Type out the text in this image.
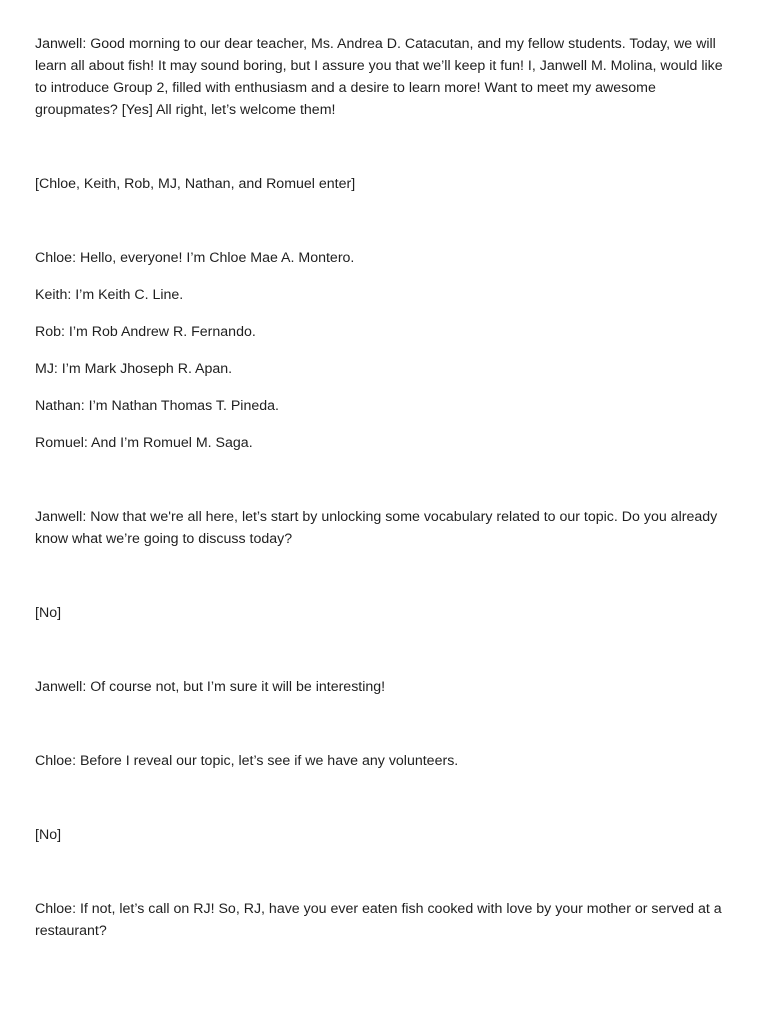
Janwell: Good morning to our dear teacher, Ms. Andrea D. Catacutan, and my fellow students. Today, we will learn all about fish! It may sound boring, but I assure you that we’ll keep it fun! I, Janwell M. Molina, would like to introduce Group 2, filled with enthusiasm and a desire to learn more! Want to meet my awesome groupmates? [Yes] All right, let’s welcome them!

[Chloe, Keith, Rob, MJ, Nathan, and Romuel enter]

Chloe: Hello, everyone! I’m Chloe Mae A. Montero.

Keith: I’m Keith C. Line.

Rob: I’m Rob Andrew R. Fernando.

MJ: I’m Mark Jhoseph R. Apan.

Nathan: I’m Nathan Thomas T. Pineda.

Romuel: And I’m Romuel M. Saga.

Janwell: Now that we're all here, let’s start by unlocking some vocabulary related to our topic. Do you already know what we’re going to discuss today?

[No]

Janwell: Of course not, but I’m sure it will be interesting!

Chloe: Before I reveal our topic, let’s see if we have any volunteers.

[No]

Chloe: If not, let’s call on RJ! So, RJ, have you ever eaten fish cooked with love by your mother or served at a restaurant?
